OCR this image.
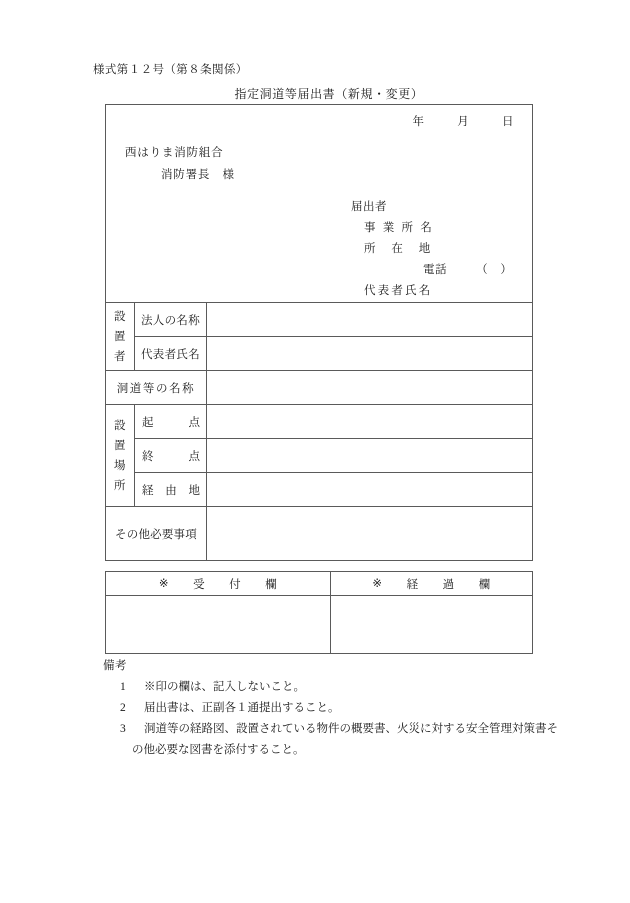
様式第１２号（第８条関係）
指定洞道等届出書（新規・変更）
年	月	日
西はりま消防組合
消防署長　様
届出者
事 業 所 名
所　在　地
電話	（　）
代表者氏名

設
置
者	法人の名称	
	代表者氏名	
洞道等の名称		

設
置
場
所	起 点	

	終 点	

	経 由 地	

その他必要事項		
※ 受 付 欄	※ 経 過 欄

備考
1	※印の欄は、記入しないこと。
2	届出書は、正副各１通提出すること。
3	洞道等の経路図、設置されている物件の概要書、火災に対する安全管理対策書そ
の他必要な図書を添付すること。
